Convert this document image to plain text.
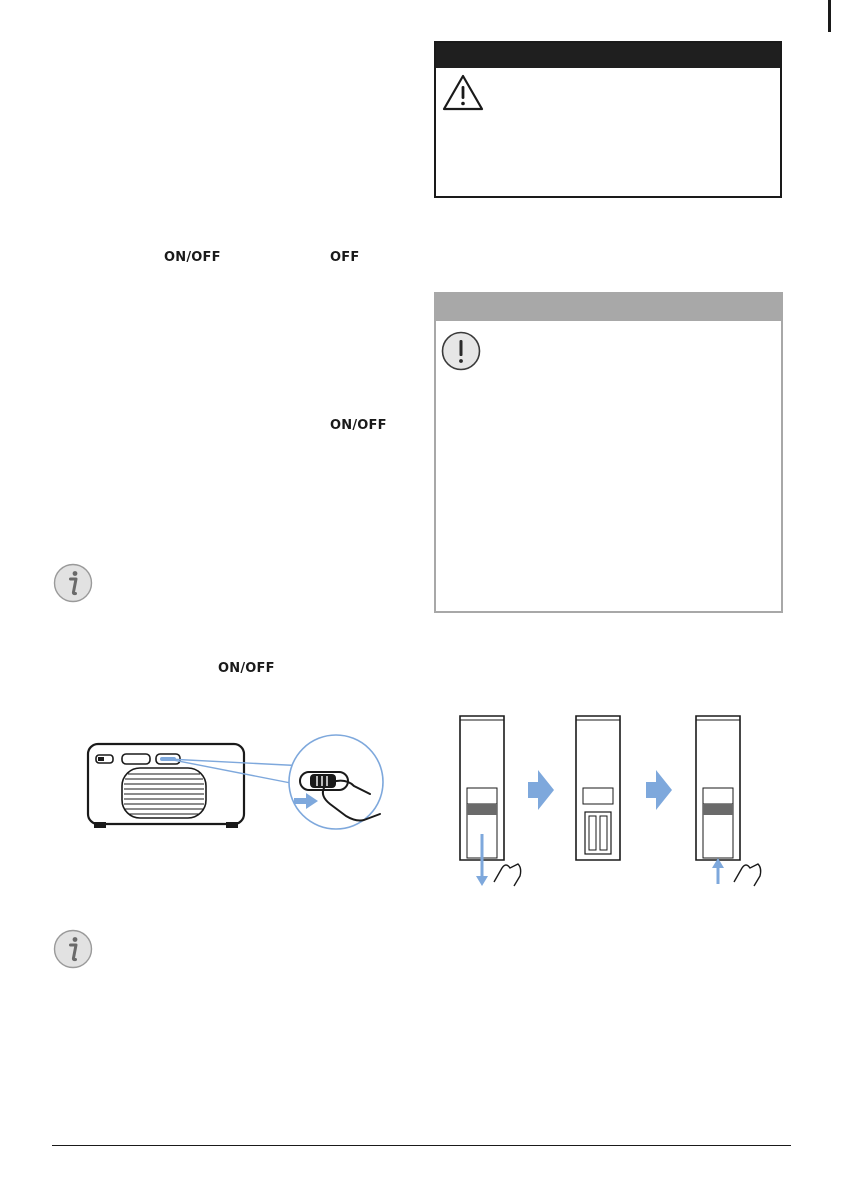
ON/OFF	OFF
ON/OFF
ON/OFF
